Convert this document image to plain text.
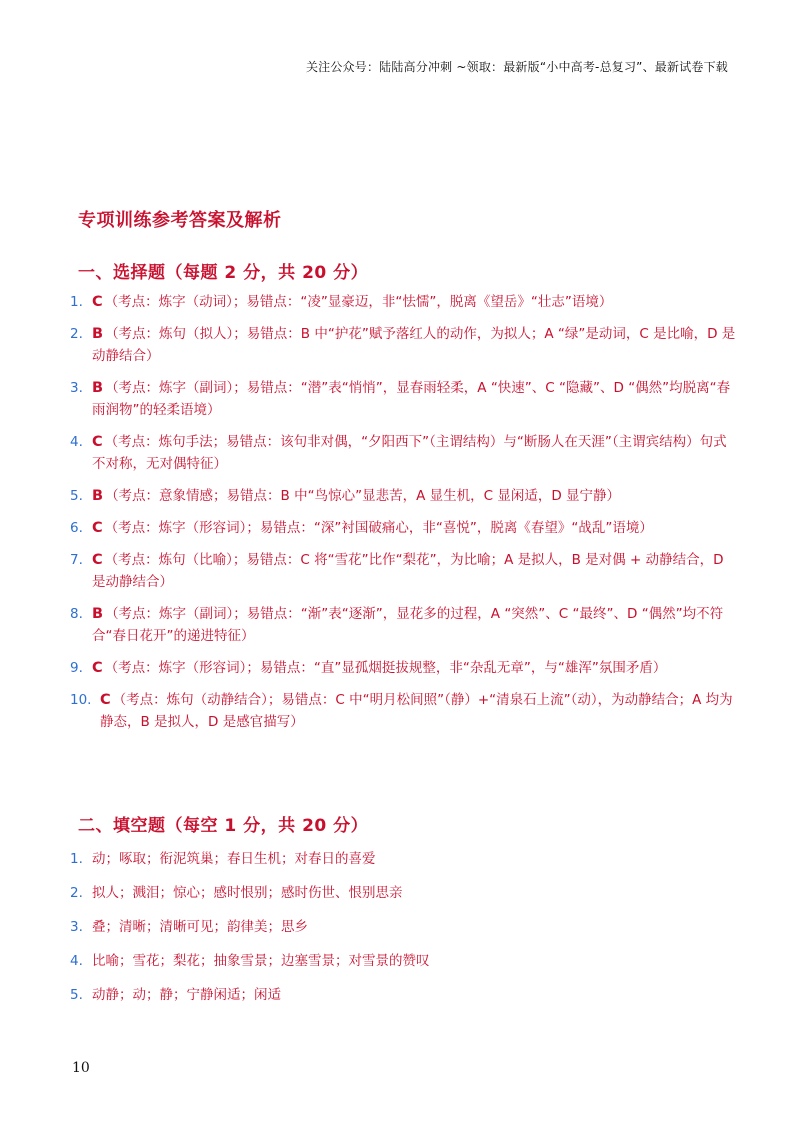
关注公众号：陆陆高分冲刺 ~领取：最新版“小中高考-总复习”、最新试卷下载
专项训练参考答案及解析
一、选择题（每题 2 分，共 20 分）
1. C （考点：炼字（动词）；易错点：“凌”显豪迈，非“怯懦”，脱离《望岳》“壮志”语境）
2. B （考点：炼句（拟人）；易错点：B 中“护花”赋予落红人的动作，为拟人；A “绿”是动词，C 是比喻，D 是动静结合）
3. B （考点：炼字（副词）；易错点：“潜”表“悄悄”，显春雨轻柔，A “快速”、C “隐藏”、D “偶然”均脱离“春雨润物”的轻柔语境）
4. C （考点：炼句手法；易错点：该句非对偶，“夕阳西下”（主谓结构）与“断肠人在天涯”（主谓宾结构）句式不对称，无对偶特征）
5. B （考点：意象情感；易错点：B 中“鸟惊心”显悲苦，A 显生机，C 显闲适，D 显宁静）
6. C （考点：炼字（形容词）；易错点：“深”衬国破痛心，非“喜悦”，脱离《春望》“战乱”语境）
7. C （考点：炼句（比喻）；易错点：C 将“雪花”比作“梨花”，为比喻；A 是拟人，B 是对偶 + 动静结合，D 是动静结合）
8. B （考点：炼字（副词）；易错点：“渐”表“逐渐”，显花多的过程，A “突然”、C “最终”、D “偶然”均不符合“春日花开”的递进特征）
9. C （考点：炼字（形容词）；易错点：“直”显孤烟挺拔规整，非“杂乱无章”，与“雄浑”氛围矛盾）
10. C （考点：炼句（动静结合）；易错点：C 中“明月松间照”（静）+“清泉石上流”（动），为动静结合；A 均为静态，B 是拟人，D 是感官描写）
二、填空题（每空 1 分，共 20 分）
1. 动；啄取；衔泥筑巢；春日生机；对春日的喜爱
2. 拟人；溅泪；惊心；感时恨别；感时伤世、恨别思亲
3. 叠；清晰；清晰可见；韵律美；思乡
4. 比喻；雪花；梨花；抽象雪景；边塞雪景；对雪景的赞叹
5. 动静；动；静；宁静闲适；闲适
10
